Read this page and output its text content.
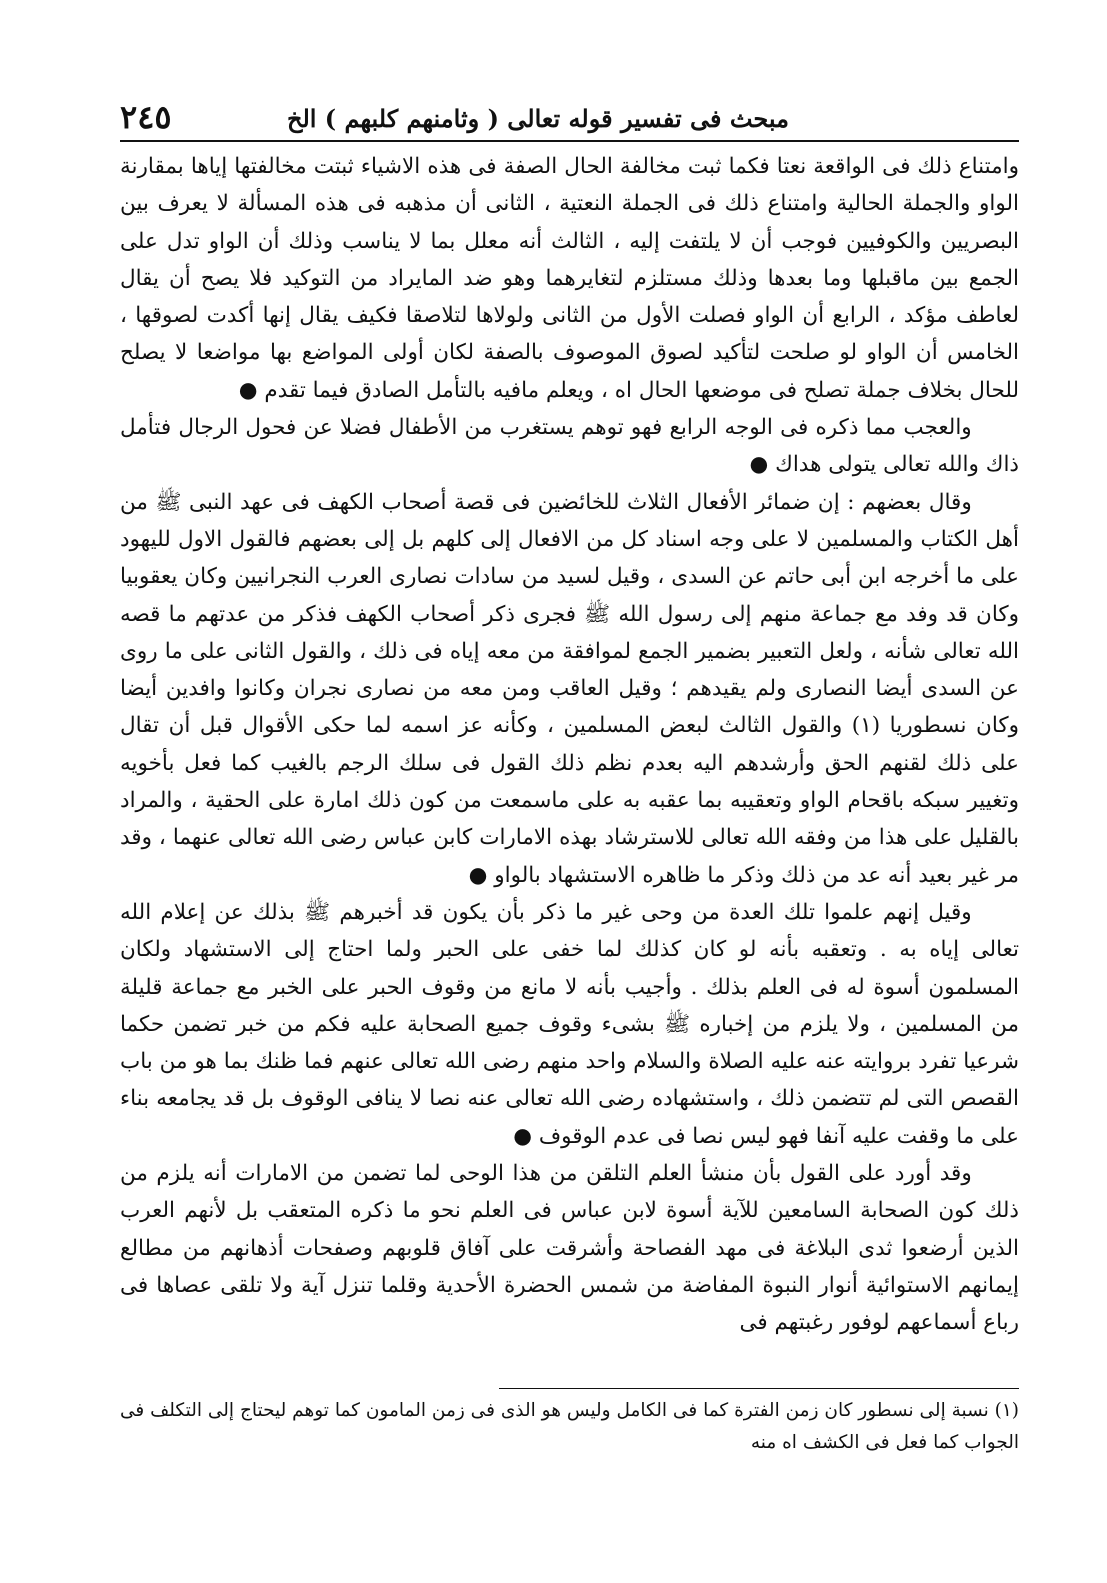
مبحث فى تفسير قوله تعالى ( وثامنهم كلبهم ) الخ
٢٤٥

وامتناع ذلك فى الواقعة نعتا فكما ثبت مخالفة الحال الصفة فى هذه الاشياء ثبتت مخالفتها إياها بمقارنة الواو والجملة الحالية وامتناع ذلك فى الجملة النعتية ، الثانى أن مذهبه فى هذه المسألة لا يعرف بين البصريين والكوفيين فوجب أن لا يلتفت إليه ، الثالث أنه معلل بما لا يناسب وذلك أن الواو تدل على الجمع بين ماقبلها وما بعدها وذلك مستلزم لتغايرهما وهو ضد المايراد من التوكيد فلا يصح أن يقال لعاطف مؤكد ، الرابع أن الواو فصلت الأول من الثانى ولولاها لتلاصقا فكيف يقال إنها أكدت لصوقها ، الخامس أن الواو لو صلحت لتأكيد لصوق الموصوف بالصفة لكان أولى المواضع بها مواضعا لا يصلح للحال بخلاف جملة تصلح فى موضعها الحال اه ، ويعلم مافيه بالتأمل الصادق فيما تقدم ●

والعجب مما ذكره فى الوجه الرابع فهو توهم يستغرب من الأطفال فضلا عن فحول الرجال فتأمل ذاك والله تعالى يتولى هداك ●

وقال بعضهم : إن ضمائر الأفعال الثلاث للخائضين فى قصة أصحاب الكهف فى عهد النبى ﷺ من أهل الكتاب والمسلمين لا على وجه اسناد كل من الافعال إلى كلهم بل إلى بعضهم فالقول الاول لليهود على ما أخرجه ابن أبى حاتم عن السدى ، وقيل لسيد من سادات نصارى العرب النجرانيين وكان يعقوبيا وكان قد وفد مع جماعة منهم إلى رسول الله ﷺ فجرى ذكر أصحاب الكهف فذكر من عدتهم ما قصه الله تعالى شأنه ، ولعل التعبير بضمير الجمع لموافقة من معه إياه فى ذلك ، والقول الثانى على ما روى عن السدى أيضا النصارى ولم يقيدهم ؛ وقيل العاقب ومن معه من نصارى نجران وكانوا وافدين أيضا وكان نسطوريا (١) والقول الثالث لبعض المسلمين ، وكأنه عز اسمه لما حكى الأقوال قبل أن تقال على ذلك لقنهم الحق وأرشدهم اليه بعدم نظم ذلك القول فى سلك الرجم بالغيب كما فعل بأخويه وتغيير سبكه باقحام الواو وتعقيبه بما عقبه به على ماسمعت من كون ذلك امارة على الحقية ، والمراد بالقليل على هذا من وفقه الله تعالى للاسترشاد بهذه الامارات كابن عباس رضى الله تعالى عنهما ، وقد مر غير بعيد أنه عد من ذلك وذكر ما ظاهره الاستشهاد بالواو ●

وقيل إنهم علموا تلك العدة من وحى غير ما ذكر بأن يكون قد أخبرهم ﷺ بذلك عن إعلام الله تعالى إياه به . وتعقبه بأنه لو كان كذلك لما خفى على الحبر ولما احتاج إلى الاستشهاد ولكان المسلمون أسوة له فى العلم بذلك . وأجيب بأنه لا مانع من وقوف الحبر على الخبر مع جماعة قليلة من المسلمين ، ولا يلزم من إخباره ﷺ بشىء وقوف جميع الصحابة عليه فكم من خبر تضمن حكما شرعيا تفرد بروايته عنه عليه الصلاة والسلام واحد منهم رضى الله تعالى عنهم فما ظنك بما هو من باب القصص التى لم تتضمن ذلك ، واستشهاده رضى الله تعالى عنه نصا لا ينافى الوقوف بل قد يجامعه بناء على ما وقفت عليه آنفا فهو ليس نصا فى عدم الوقوف ●

وقد أورد على القول بأن منشأ العلم التلقن من هذا الوحى لما تضمن من الامارات أنه يلزم من ذلك كون الصحابة السامعين للآية أسوة لابن عباس فى العلم نحو ما ذكره المتعقب بل لأنهم العرب الذين أرضعوا ثدى البلاغة فى مهد الفصاحة وأشرقت على آفاق قلوبهم وصفحات أذهانهم من مطالع إيمانهم الاستوائية أنوار النبوة المفاضة من شمس الحضرة الأحدية وقلما تنزل آية ولا تلقى عصاها فى رباع أسماعهم لوفور رغبتهم فى

(١) نسبة إلى نسطور كان زمن الفترة كما فى الكامل وليس هو الذى فى زمن المامون كما توهم ليحتاج إلى التكلف فى الجواب كما فعل فى الكشف اه منه
